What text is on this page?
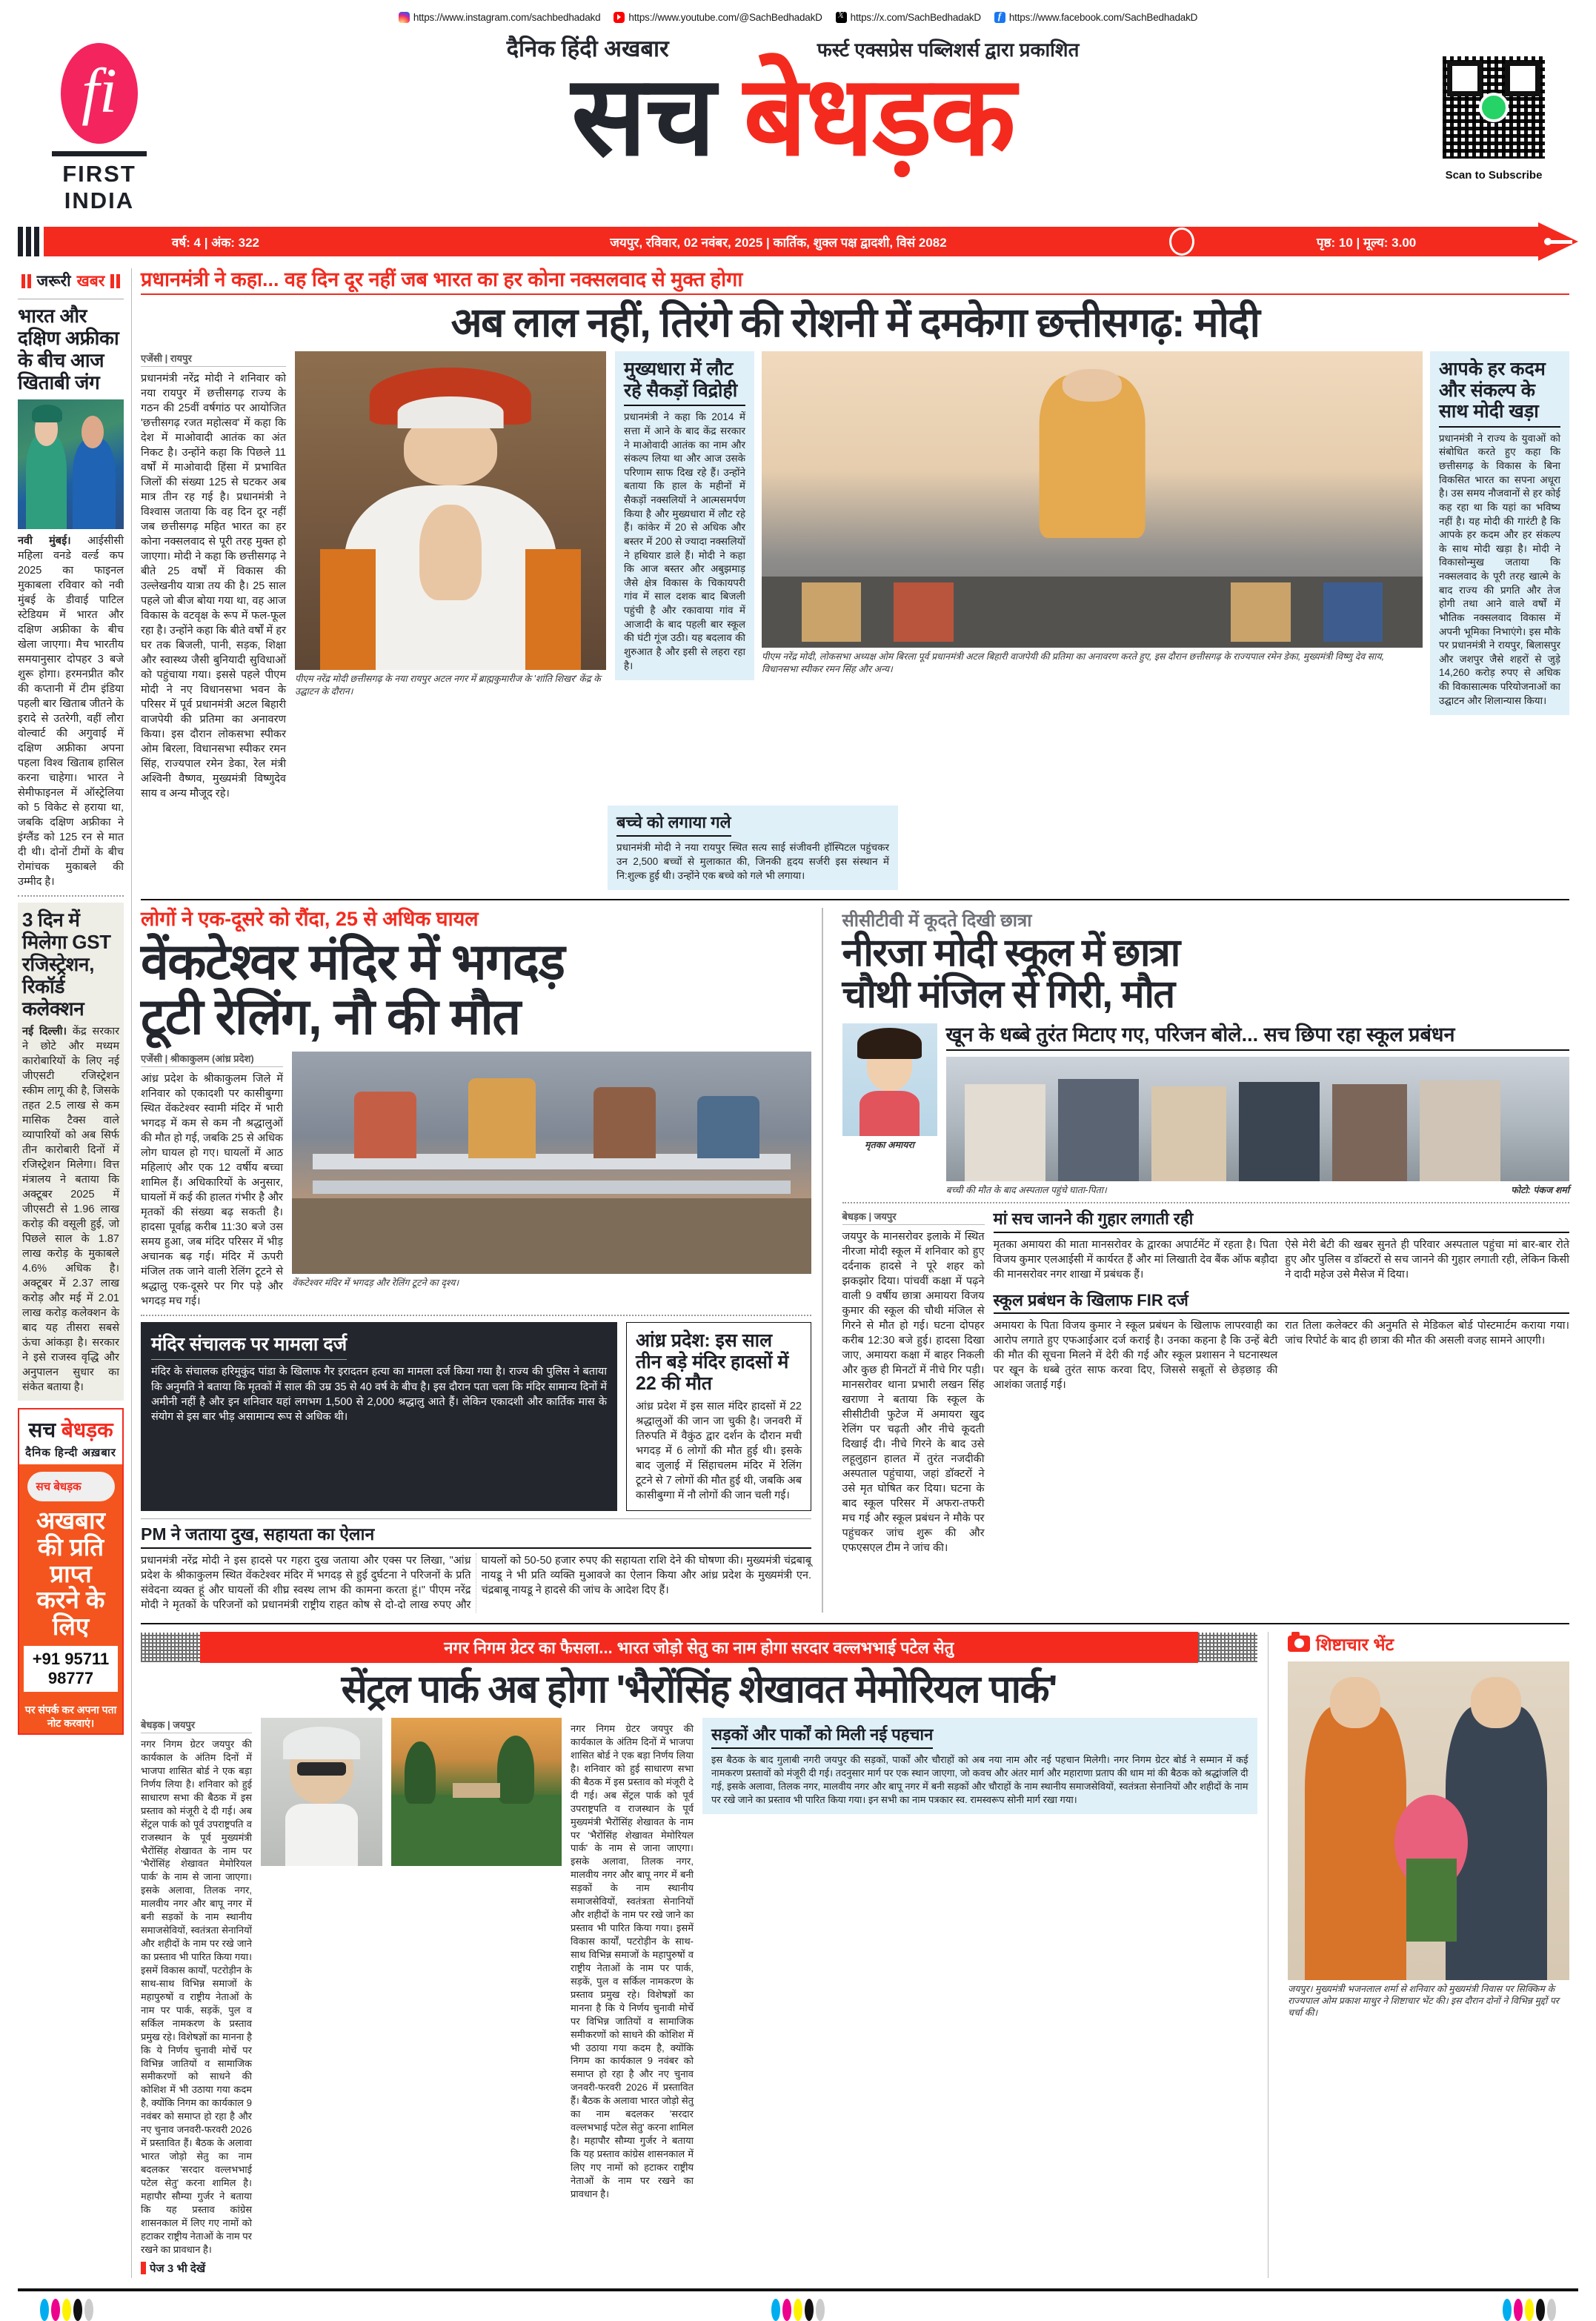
https://www.instagram.com/sachbedhadakd	https://www.youtube.com/@SachBedhadakD 𝕏	https://x.com/SachBedhadakD f	https://www.facebook.com/SachBedhadakD
fi
FIRST INDIA
दैनिक हिंदी अखबार	फर्स्ट एक्सप्रेस पब्लिशर्स द्वारा प्रकाशित
सच बेधड़क	Scan to Subscribe
वर्ष: 4 | अंक: 322	जयपुर, रविवार, 02 नवंबर, 2025 | कार्तिक, शुक्ल पक्ष द्वादशी, विसं 2082	पृष्ठ: 10 | मूल्य: 3.00
जरूरी खबर
भारत और दक्षिण अफ्रीका के बीच आज खिताबी जंग
नवी मुंबई। आईसीसी महिला वनडे वर्ल्ड कप 2025 का फाइनल मुकाबला रविवार को नवी मुंबई के डीवाई पाटिल स्टेडियम में भारत और दक्षिण अफ्रीका के बीच खेला जाएगा। मैच भारतीय समयानुसार दोपहर 3 बजे शुरू होगा। हरमनप्रीत कौर की कप्तानी में टीम इंडिया पहली बार खिताब जीतने के इरादे से उतरेगी, वहीं लौरा वोल्वार्ट की अगुवाई में दक्षिण अफ्रीका अपना पहला विश्व खिताब हासिल करना चाहेगा। भारत ने सेमीफाइनल में ऑस्ट्रेलिया को 5 विकेट से हराया था, जबकि दक्षिण अफ्रीका ने इंग्लैंड को 125 रन से मात दी थी। दोनों टीमों के बीच रोमांचक मुकाबले की उम्मीद है।
3 दिन में मिलेगा GST रजिस्ट्रेशन, रिकॉर्ड कलेक्शन
नई दिल्ली। केंद्र सरकार ने छोटे और मध्यम कारोबारियों के लिए नई जीएसटी रजिस्ट्रेशन स्कीम लागू की है, जिसके तहत 2.5 लाख से कम मासिक टैक्स वाले व्यापारियों को अब सिर्फ तीन कारोबारी दिनों में रजिस्ट्रेशन मिलेगा। वित्त मंत्रालय ने बताया कि अक्टूबर 2025 में जीएसटी से 1.96 लाख करोड़ की वसूली हुई, जो पिछले साल के 1.87 लाख करोड़ के मुकाबले 4.6% अधिक है। अक्टूबर में 2.37 लाख करोड़ और मई में 2.01 लाख करोड़ कलेक्शन के बाद यह तीसरा सबसे ऊंचा आंकड़ा है। सरकार ने इसे राजस्व वृद्धि और अनुपालन सुधार का संकेत बताया है।
सच बेधड़क
दैनिक हिन्दी अख़बार
सच बेधड़क
अखबार
की प्रति प्राप्त
करने के लिए
+91 95711 98777
पर संपर्क कर अपना पता नोट करवाएं।
प्रधानमंत्री ने कहा... वह दिन दूर नहीं जब भारत का हर कोना नक्सलवाद से मुक्त होगा
अब लाल नहीं, तिरंगे की रोशनी में दमकेगा छत्तीसगढ़: मोदी
एजेंसी | रायपुर
प्रधानमंत्री नरेंद्र मोदी ने शनिवार को नया रायपुर में छत्तीसगढ़ राज्य के गठन की 25वीं वर्षगांठ पर आयोजित 'छत्तीसगढ़ रजत महोत्सव' में कहा कि देश में माओवादी आतंक का अंत निकट है। उन्होंने कहा कि पिछले 11 वर्षों में माओवादी हिंसा में प्रभावित जिलों की संख्या 125 से घटकर अब मात्र तीन रह गई है। प्रधानमंत्री ने विश्वास जताया कि वह दिन दूर नहीं जब छत्तीसगढ़ महित भारत का हर कोना नक्सलवाद से पूरी तरह मुक्त हो जाएगा। मोदी ने कहा कि छत्तीसगढ़ ने बीते 25 वर्षों में विकास की उल्लेखनीय यात्रा तय की है। 25 साल पहले जो बीज बोया गया था, वह आज विकास के वटवृक्ष के रूप में फल-फूल रहा है। उन्होंने कहा कि बीते वर्षों में हर घर तक बिजली, पानी, सड़क, शिक्षा और स्वास्थ्य जैसी बुनियादी सुविधाओं को पहुंचाया गया। इससे पहले पीएम मोदी ने नए विधानसभा भवन के परिसर में पूर्व प्रधानमंत्री अटल बिहारी वाजपेयी की प्रतिमा का अनावरण किया। इस दौरान लोकसभा स्पीकर ओम बिरला, विधानसभा स्पीकर रमन सिंह, राज्यपाल रमेन डेका, रेल मंत्री अश्विनी वैष्णव, मुख्यमंत्री विष्णुदेव साय व अन्य मौजूद रहे।
पीएम नरेंद्र मोदी छत्तीसगढ़ के नया रायपुर अटल नगर में ब्राह्मकुमारीज के 'शांति शिखर' केंद्र के उद्घाटन के दौरान।
मुख्यधारा में लौट रहे सैकड़ों विद्रोही
प्रधानमंत्री ने कहा कि 2014 में सत्ता में आने के बाद केंद्र सरकार ने माओवादी आतंक का नाम और संकल्प लिया था और आज उसके परिणाम साफ दिख रहे हैं। उन्होंने बताया कि हाल के महीनों में सैकड़ों नक्सलियों ने आत्मसमर्पण किया है और मुख्यधारा में लौट रहे हैं। कांकेर में 20 से अधिक और बस्तर में 200 से ज्यादा नक्सलियों ने हथियार डाले हैं। मोदी ने कहा कि आज बस्तर और अबुझमाड़ जैसे क्षेत्र विकास के चिकायपरी गांव में साल दशक बाद बिजली पहुंची है और रकावाया गांव में आजादी के बाद पहली बार स्कूल की घंटी गूंज उठी। यह बदलाव की शुरुआत है और इसी से लहरा रहा है।
पीएम नरेंद्र मोदी, लोकसभा अध्यक्ष ओम बिरला पूर्व प्रधानमंत्री अटल बिहारी वाजपेयी की प्रतिमा का अनावरण करते हुए, इस दौरान छत्तीसगढ़ के राज्यपाल रमेन डेका, मुख्यमंत्री विष्णु देव साय, विधानसभा स्पीकर रमन सिंह और अन्य।
आपके हर कदम और संकल्प के साथ मोदी खड़ा
प्रधानमंत्री ने राज्य के युवाओं को संबोधित करते हुए कहा कि छत्तीसगढ़ के विकास के बिना विकसित भारत का सपना अधूरा है। उस समय नौजवानों से हर कोई कह रहा था कि यहां का भविष्य नहीं है। यह मोदी की गारंटी है कि आपके हर कदम और हर संकल्प के साथ मोदी खड़ा है। मोदी ने विकासोन्मुख जताया कि नक्सलवाद के पूरी तरह खात्मे के बाद राज्य की प्रगति और तेज होगी तथा आने वाले वर्षों में भौतिक नक्सलवाद विकास में अपनी भूमिका निभाएंगे। इस मौके पर प्रधानमंत्री ने रायपुर, बिलासपुर और जशपुर जैसे शहरों से जुड़े 14,260 करोड़ रुपए से अधिक की विकासात्मक परियोजनाओं का उद्घाटन और शिलान्यास किया।
बच्चे को लगाया गले
प्रधानमंत्री मोदी ने नया रायपुर स्थित सत्य साई संजीवनी हॉस्पिटल पहुंचकर उन 2,500 बच्चों से मुलाकात की, जिनकी हृदय सर्जरी इस संस्थान में नि:शुल्क हुई थी। उन्होंने एक बच्चे को गले भी लगाया।
लोगों ने एक-दूसरे को रौंदा, 25 से अधिक घायल
वेंकटेश्वर मंदिर में भगदड़
टूटी रेलिंग, नौ की मौत
एजेंसी | श्रीकाकुलम (आंध्र प्रदेश)
आंध्र प्रदेश के श्रीकाकुलम जिले में शनिवार को एकादशी पर कासीबुग्गा स्थित वेंकटेश्वर स्वामी मंदिर में भारी भगदड़ में कम से कम नौ श्रद्धालुओं की मौत हो गई, जबकि 25 से अधिक लोग घायल हो गए। घायलों में आठ महिलाएं और एक 12 वर्षीय बच्चा शामिल हैं। अधिकारियों के अनुसार, घायलों में कई की हालत गंभीर है और मृतकों की संख्या बढ़ सकती है। हादसा पूर्वाह्न करीब 11:30 बजे उस समय हुआ, जब मंदिर परिसर में भीड़ अचानक बढ़ गई। मंदिर में ऊपरी मंजिल तक जाने वाली रेलिंग टूटने से श्रद्धालु एक-दूसरे पर गिर पड़े और भगदड़ मच गई।
वेंकटेश्वर मंदिर में भगदड़ और रेलिंग टूटने का दृश्य।
मंदिर संचालक पर मामला दर्ज

मंदिर के संचालक हरिमुकुंद पांडा के खिलाफ गैर इरादतन हत्या का मामला दर्ज किया गया है। राज्य की पुलिस ने बताया कि अनुमति ने बताया कि मृतकों में साल की उम्र 35 से 40 वर्ष के बीच है। इस दौरान पता चला कि मंदिर सामान्य दिनों में अमीनी नहीं है और इन शनिवार यहां लगभग 1,500 से 2,000 श्रद्धालु आते हैं। लेकिन एकादशी और कार्तिक मास के संयोग से इस बार भीड़ असामान्य रूप से अधिक थी।

आंध्र प्रदेश: इस साल तीन बड़े मंदिर हादसों में 22 की मौत
आंध्र प्रदेश में इस साल मंदिर हादसों में 22 श्रद्धालुओं की जान जा चुकी है। जनवरी में तिरुपति में वैकुंठ द्वार दर्शन के दौरान मची भगदड़ में 6 लोगों की मौत हुई थी। इसके बाद जुलाई में सिंहाचलम मंदिर में रेलिंग टूटने से 7 लोगों की मौत हुई थी, जबकि अब कासीबुग्गा में नौ लोगों की जान चली गई।
PM ने जताया दुख, सहायता का ऐलान
प्रधानमंत्री नरेंद्र मोदी ने इस हादसे पर गहरा दुख जताया और एक्स पर लिखा, "आंध्र प्रदेश के श्रीकाकुलम स्थित वेंकटेश्वर मंदिर में भगदड़ से हुई दुर्घटना ने परिजनों के प्रति संवेदना व्यक्त हूं और घायलों की शीघ्र स्वस्थ लाभ की कामना करता हूं।" पीएम नरेंद्र मोदी ने मृतकों के परिजनों को प्रधानमंत्री राष्ट्रीय राहत कोष से दो-दो लाख रुपए और घायलों को 50-50 हजार रुपए की सहायता राशि देने की घोषणा की। मुख्यमंत्री चंद्रबाबू नायडू ने भी प्रति व्यक्ति मुआवजे का ऐलान किया और आंध्र प्रदेश के मुख्यमंत्री एन. चंद्रबाबू नायडू ने हादसे की जांच के आदेश दिए हैं।
सीसीटीवी में कूदते दिखी छात्रा
नीरजा मोदी स्कूल में छात्रा
चौथी मंजिल से गिरी, मौत
मृतका अमायरा
खून के धब्बे तुरंत मिटाए गए, परिजन बोले... सच छिपा रहा स्कूल प्रबंधन
बच्ची की मौत के बाद अस्पताल पहुंचे घाता-पिता।	फोटो: पंकज शर्मा
बेधड़क | जयपुर
जयपुर के मानसरोवर इलाके में स्थित नीरजा मोदी स्कूल में शनिवार को हुए दर्दनाक हादसे ने पूरे शहर को झकझोर दिया। पांचवीं कक्षा में पढ़ने वाली 9 वर्षीय छात्रा अमायरा विजय कुमार की स्कूल की चौथी मंजिल से गिरने से मौत हो गई। घटना दोपहर करीब 12:30 बजे हुई। हादसा दिखा जाए, अमायरा कक्षा में बाहर निकली और कुछ ही मिनटों में नीचे गिर पड़ी। मानसरोवर थाना प्रभारी लखन सिंह खराणा ने बताया कि स्कूल के सीसीटीवी फुटेज में अमायरा खुद रेलिंग पर चढ़ती और नीचे कूदती दिखाई दी। नीचे गिरने के बाद उसे लहूलुहान हालत में तुरंत नजदीकी अस्पताल पहुंचाया, जहां डॉक्टरों ने उसे मृत घोषित कर दिया। घटना के बाद स्कूल परिसर में अफरा-तफरी मच गई और स्कूल प्रबंधन ने मौके पर पहुंचकर जांच शुरू की और एफएसएल टीम ने जांच की।
मां सच जानने की गुहार लगाती रही
मृतका अमायरा की माता मानसरोवर के द्वारका अपार्टमेंट में रहता है। पिता विजय कुमार एलआईसी में कार्यरत हैं और मां लिखाती देव बैंक ऑफ बड़ौदा की मानसरोवर नगर शाखा में प्रबंधक हैं।
ऐसे मेरी बेटी की खबर सुनते ही परिवार अस्पताल पहुंचा मां बार-बार रोते हुए और पुलिस व डॉक्टरों से सच जानने की गुहार लगाती रही, लेकिन किसी ने दादी महेज उसे मैसेज में दिया।
स्कूल प्रबंधन के खिलाफ FIR दर्ज
अमायरा के पिता विजय कुमार ने स्कूल प्रबंधन के खिलाफ लापरवाही का आरोप लगाते हुए एफआईआर दर्ज कराई है। उनका कहना है कि उन्हें बेटी की मौत की सूचना मिलने में देरी की गई और स्कूल प्रशासन ने घटनास्थल पर खून के धब्बे तुरंत साफ करवा दिए, जिससे सबूतों से छेड़छाड़ की आशंका जताई गई।
रात तिला कलेक्टर की अनुमति से मेडिकल बोर्ड पोस्टमार्टम कराया गया। जांच रिपोर्ट के बाद ही छात्रा की मौत की असली वजह सामने आएगी।
नगर निगम ग्रेटर का फैसला... भारत जोड़ो सेतु का नाम होगा सरदार वल्लभभाई पटेल सेतु
सेंट्रल पार्क अब होगा 'भैरोंसिंह शेखावत मेमोरियल पार्क'
बेधड़क | जयपुर
नगर निगम ग्रेटर जयपुर की कार्यकाल के अंतिम दिनों में भाजपा शासित बोर्ड ने एक बड़ा निर्णय लिया है। शनिवार को हुई साधारण सभा की बैठक में इस प्रस्ताव को मंजूरी दे दी गई। अब सेंट्रल पार्क को पूर्व उपराष्ट्रपति व राजस्थान के पूर्व मुख्यमंत्री भैरोंसिंह शेखावत के नाम पर 'भैरोंसिंह शेखावत मेमोरियल पार्क' के नाम से जाना जाएगा। इसके अलावा, तिलक नगर, मालवीय नगर और बापू नगर में बनी सड़कों के नाम स्थानीय समाजसेवियों, स्वतंत्रता सेनानियों और शहीदों के नाम पर रखे जाने का प्रस्ताव भी पारित किया गया। इसमें विकास कार्यों, पटरोड़ीन के साथ-साथ विभिन्न समाजों के महापुरुषों व राष्ट्रीय नेताओं के नाम पर पार्क, सड़कें, पुल व सर्किल नामकरण के प्रस्ताव प्रमुख रहे। विशेषज्ञों का मानना है कि ये निर्णय चुनावी मोर्चे पर विभिन्न जातियों व सामाजिक समीकरणों को साधने की कोशिश में भी उठाया गया कदम है, क्योंकि निगम का कार्यकाल 9 नवंबर को समाप्त हो रहा है और नए चुनाव जनवरी-फरवरी 2026 में प्रस्तावित हैं। बैठक के अलावा भारत जोड़ो सेतु का नाम बदलकर 'सरदार वल्लभभाई पटेल सेतु' करना शामिल है। महापौर सौम्या गुर्जर ने बताया कि यह प्रस्ताव कांग्रेस शासनकाल में लिए गए नामों को हटाकर राष्ट्रीय नेताओं के नाम पर रखने का प्रावधान है।
नगर निगम ग्रेटर जयपुर की कार्यकाल के अंतिम दिनों में भाजपा शासित बोर्ड ने एक बड़ा निर्णय लिया है। शनिवार को हुई साधारण सभा की बैठक में इस प्रस्ताव को मंजूरी दे दी गई। अब सेंट्रल पार्क को पूर्व उपराष्ट्रपति व राजस्थान के पूर्व मुख्यमंत्री भैरोंसिंह शेखावत के नाम पर 'भैरोंसिंह शेखावत मेमोरियल पार्क' के नाम से जाना जाएगा। इसके अलावा, तिलक नगर, मालवीय नगर और बापू नगर में बनी सड़कों के नाम स्थानीय समाजसेवियों, स्वतंत्रता सेनानियों और शहीदों के नाम पर रखे जाने का प्रस्ताव भी पारित किया गया। इसमें विकास कार्यों, पटरोड़ीन के साथ-साथ विभिन्न समाजों के महापुरुषों व राष्ट्रीय नेताओं के नाम पर पार्क, सड़कें, पुल व सर्किल नामकरण के प्रस्ताव प्रमुख रहे। विशेषज्ञों का मानना है कि ये निर्णय चुनावी मोर्चे पर विभिन्न जातियों व सामाजिक समीकरणों को साधने की कोशिश में भी उठाया गया कदम है, क्योंकि निगम का कार्यकाल 9 नवंबर को समाप्त हो रहा है और नए चुनाव जनवरी-फरवरी 2026 में प्रस्तावित हैं। बैठक के अलावा भारत जोड़ो सेतु का नाम बदलकर 'सरदार वल्लभभाई पटेल सेतु' करना शामिल है। महापौर सौम्या गुर्जर ने बताया कि यह प्रस्ताव कांग्रेस शासनकाल में लिए गए नामों को हटाकर राष्ट्रीय नेताओं के नाम पर रखने का प्रावधान है।
सड़कों और पार्कों को मिली नई पहचान
इस बैठक के बाद गुलाबी नगरी जयपुर की सड़कों, पार्कों और चौराहों को अब नया नाम और नई पहचान मिलेगी। नगर निगम ग्रेटर बोर्ड ने सम्मान में कई नामकरण प्रस्तावों को मंजूरी दी गई। तदनुसार मार्ग पर एक स्थान जाएगा, जो कवच और अंतर मार्ग और महाराणा प्रताप की धाम मां की बैठक को श्रद्धांजलि दी गई, इसके अलावा, तिलक नगर, मालवीय नगर और बापू नगर में बनी सड़कों और चौराहों के नाम स्थानीय समाजसेवियों, स्वतंत्रता सेनानियों और शहीदों के नाम पर रखे जाने का प्रस्ताव भी पारित किया गया। इन सभी का नाम पत्रकार स्व. रामस्वरूप सोनी मार्ग रखा गया।
पेज 3 भी देखें
शिष्टाचार भेंट
जयपुर। मुख्यमंत्री भजनलाल शर्मा से शनिवार को मुख्यमंत्री निवास पर सिक्किम के राज्यपाल ओम प्रकाश माथुर ने शिष्टाचार भेंट की। इस दौरान दोनों ने विभिन्न मुद्दों पर चर्चा की।
